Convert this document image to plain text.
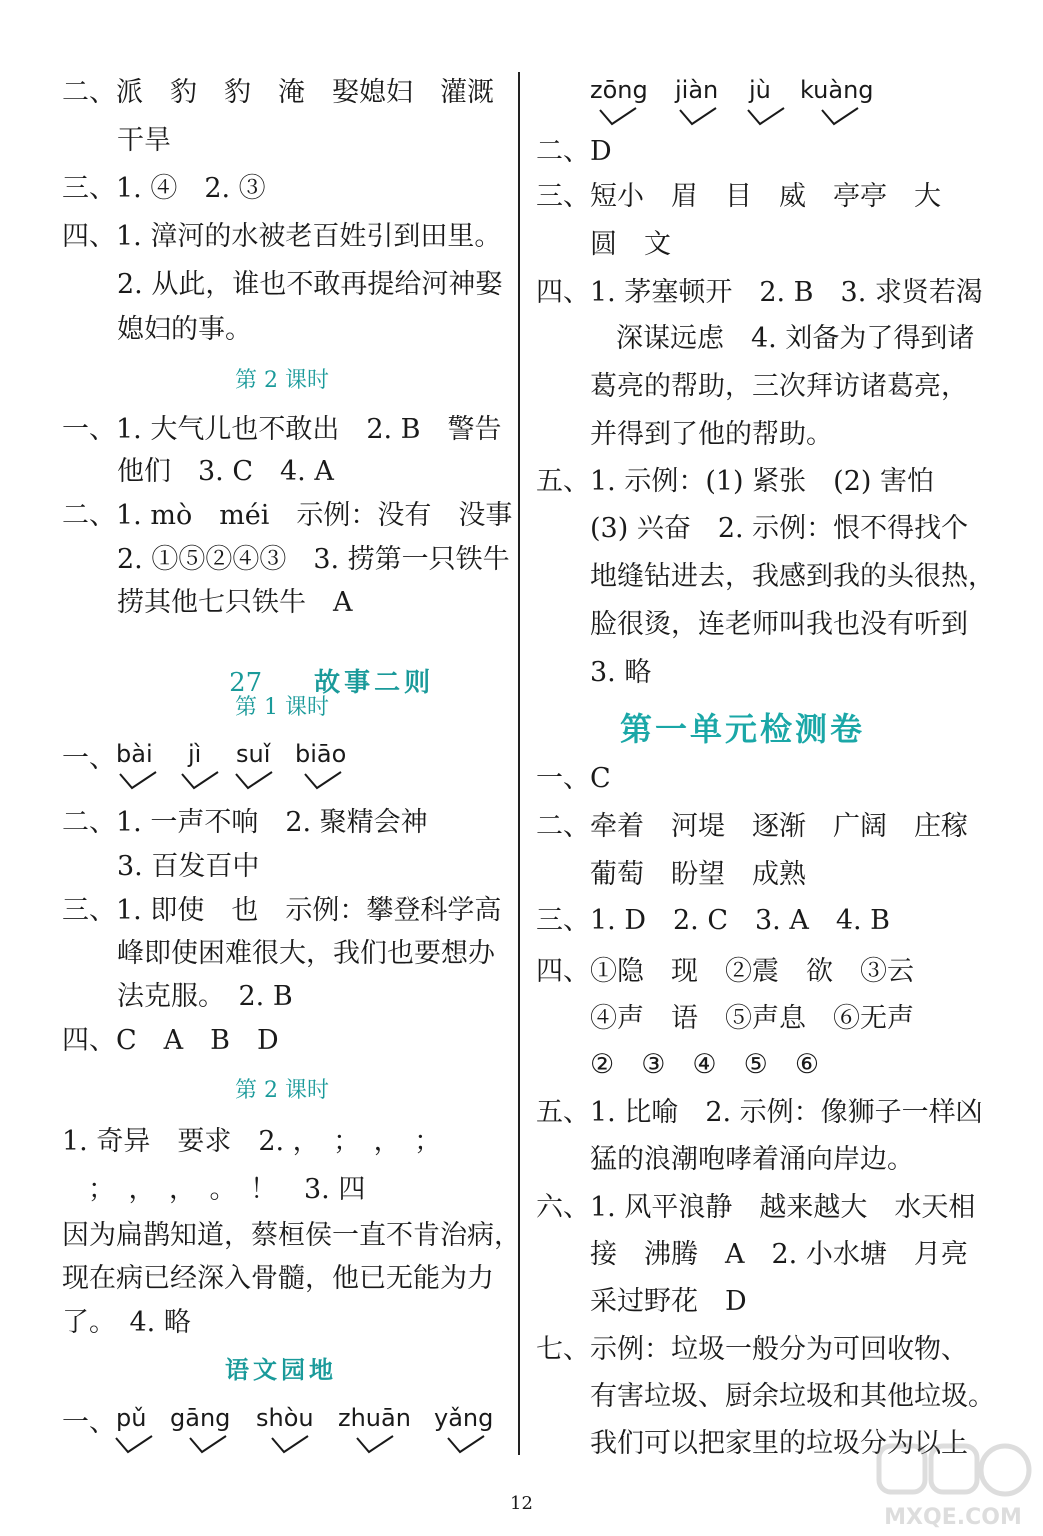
二、派　豹　豹　淹　娶媳妇　灌溉
干旱
三、1. ④　2. ③
四、1. 漳河的水被老百姓引到田里。
2. 从此，谁也不敢再提给河神娶
媳妇的事。
第 2 课时
一、1. 大气儿也不敢出　2. B　警告
他们　3. C　4. A
二、1. mò　méi　示例：没有　没事
2. ①⑤②④③　3. 捞第一只铁牛
捞其他七只铁牛　A

27　　 故事二则

第 1 课时
一、 bài jì suǐ biāo
二、1. 一声不响　2. 聚精会神
3. 百发百中
三、1. 即使　也　示例：攀登科学高
峰即使困难很大，我们也要想办
法克服。　2. B
四、C　A　B　D
第 2 课时
1. 奇异　要求　2. ，　；　，　；
；　，　，　。　！　3. 四
因为扁鹊知道，蔡桓侯一直不肯治病，
现在病已经深入骨髓，他已无能为力
了。　4. 略
语文园地
一、 pǔ gāng shòu zhuān yǎng
zōng jiàn jù kuàng
二、D
三、短小　眉　目　威　亭亭　大
圆　文
四、1. 茅塞顿开　2. B　3. 求贤若渴
深谋远虑　4. 刘备为了得到诸
葛亮的帮助，三次拜访诸葛亮，
并得到了他的帮助。
五、1. 示例：(1) 紧张　(2) 害怕
(3) 兴奋　2. 示例：恨不得找个
地缝钻进去，我感到我的头很热，
脸很烫，连老师叫我也没有听到
3. 略
第一单元检测卷
一、C
二、牵着　河堤　逐渐　广阔　庄稼
葡萄　盼望　成熟
三、1. D　2. C　3. A　4. B
四、①隐　现　②震　欲　③云
④声　语　⑤声息　⑥无声
②　③　④　⑤　⑥
五、1. 比喻　2. 示例：像狮子一样凶
猛的浪潮咆哮着涌向岸边。
六、1. 风平浪静　越来越大　水天相
接　沸腾　A　2. 小水塘　月亮
采过野花　D
七、示例：垃圾一般分为可回收物、
有害垃圾、厨余垃圾和其他垃圾。
我们可以把家里的垃圾分为以上
12
MXQE.COM
